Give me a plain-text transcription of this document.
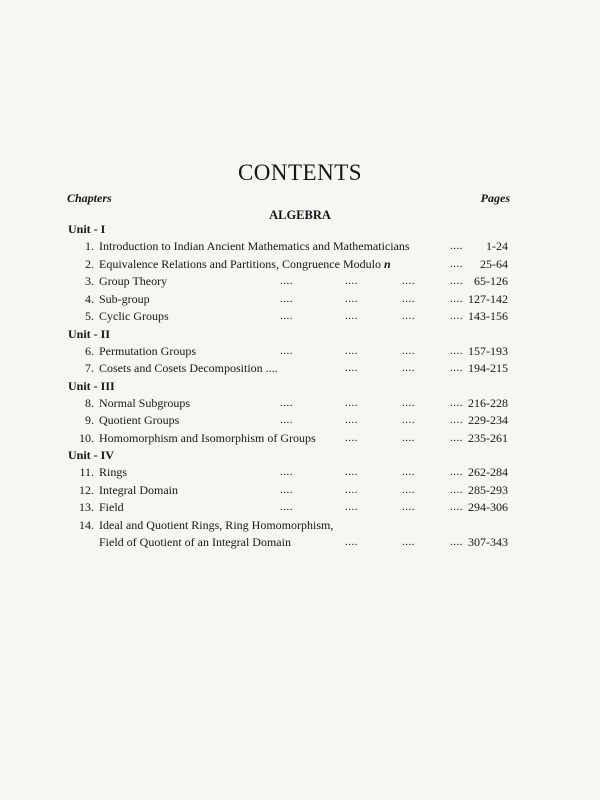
CONTENTS
Chapters	Pages
ALGEBRA
Unit - I
1. Introduction to Indian Ancient Mathematics and Mathematicians	.... 1-24
2. Equivalence Relations and Partitions, Congruence Modulo n	.... 25-64
3. Group Theory	....	....	....	.... 65-126
4. Sub-group	....	....	....	.... 127-142
5. Cyclic Groups	....	....	....	.... 143-156
Unit - II
6. Permutation Groups	....	....	....	.... 157-193
7. Cosets and Cosets Decomposition ....	....	....	.... 194-215
Unit - III
8. Normal Subgroups	....	....	....	.... 216-228
9. Quotient Groups	....	....	....	.... 229-234
10. Homomorphism and Isomorphism of Groups	....	....	.... 235-261
Unit - IV
11. Rings	....	....	....	.... 262-284
12. Integral Domain	....	....	....	.... 285-293
13. Field	....	....	....	.... 294-306
14. Ideal and Quotient Rings, Ring Homomorphism,
Field of Quotient of an Integral Domain	....	....	.... 307-343
